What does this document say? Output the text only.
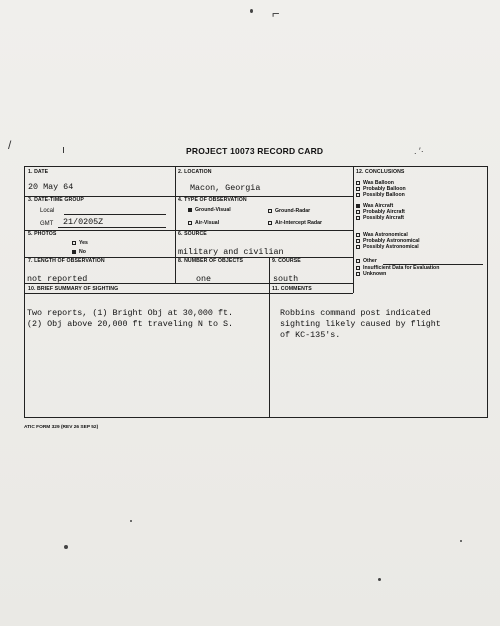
PROJECT 10073 RECORD CARD
1. DATE
20 May 64
2. LOCATION
Macon, Georgia
3. DATE-TIME GROUP
Local
GMT 21/0205Z
4. TYPE OF OBSERVATION
Ground-Visual	Ground-Radar
Air-Visual	Air-Intercept Radar
5. PHOTOS
Yes
No
6. SOURCE
military and civilian
7. LENGTH OF OBSERVATION
not reported
8. NUMBER OF OBJECTS
one
9. COURSE
south
10. BRIEF SUMMARY OF SIGHTING
Two reports, (1) Bright Obj at 30,000 ft.
(2) Obj above 20,000 ft traveling N to S.
11. COMMENTS
Robbins command post indicated
sighting likely caused by flight
of KC-135's.
12. CONCLUSIONS
Was Balloon
Probably Balloon
Possibly Balloon
Was Aircraft
Probably Aircraft
Possibly Aircraft
Was Astronomical
Probably Astronomical
Possibly Astronomical
Other
Insufficient Data for Evaluation
Unknown
ATIC FORM 329 (REV 26 SEP 52)
/	ı
⌐
. ′·
